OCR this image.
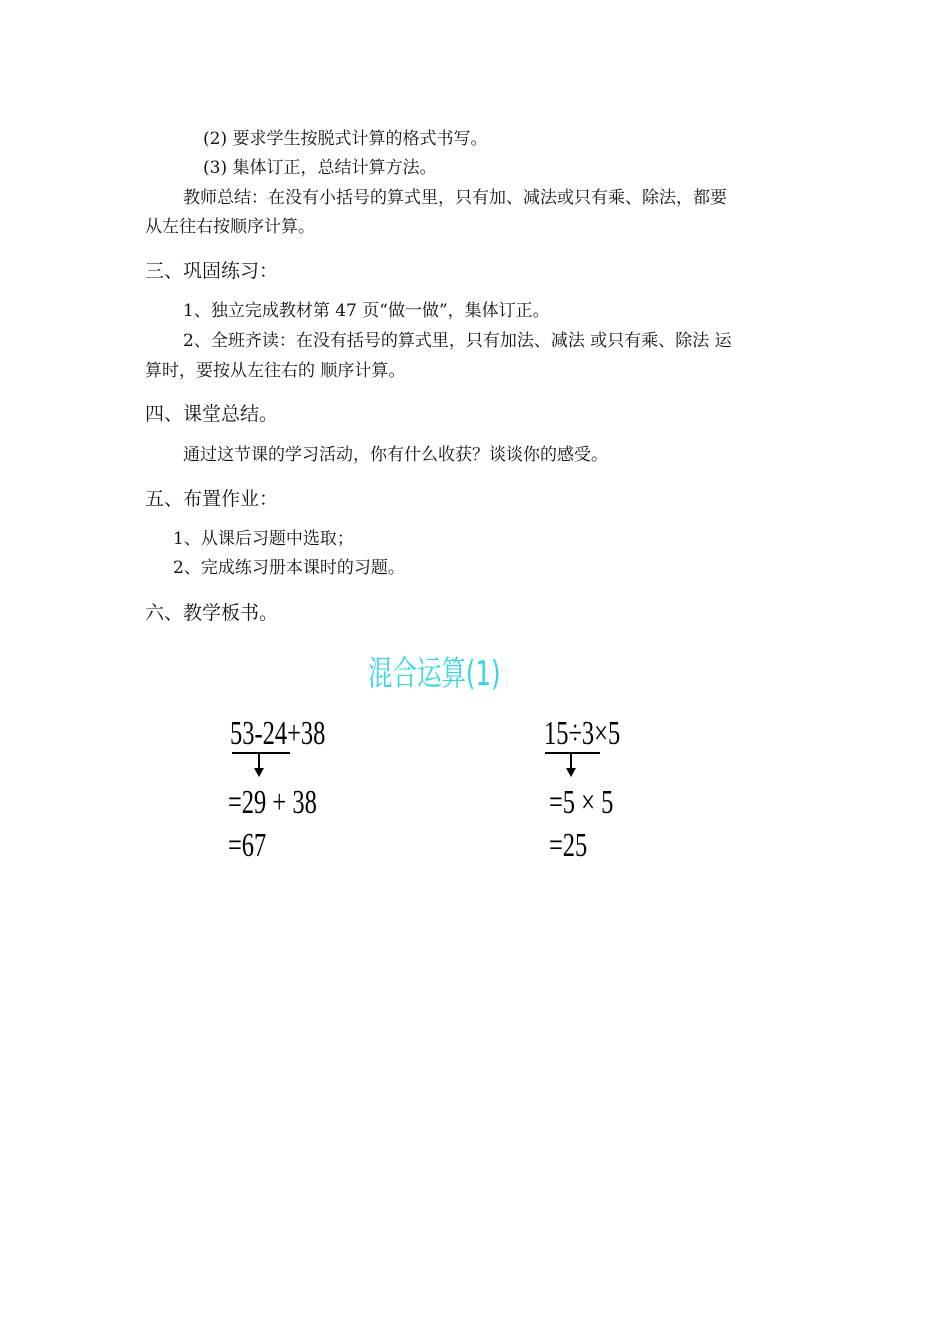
(2) 要求学生按脱式计算的格式书写。
(3) 集体订正，总结计算方法。
教师总结：在没有小括号的算式里，只有加、减法或只有乘、除法，都要
从左往右按顺序计算。
三、巩固练习：
1、独立完成教材第 47 页“做一做”，集体订正。
2、全班齐读：在没有括号的算式里，只有加法、减法 或只有乘、除法 运
算时，要按从左往右的 顺序计算。
四、课堂总结。
通过这节课的学习活动，你有什么收获？谈谈你的感受。
五、布置作业：
1、从课后习题中选取；
2、完成练习册本课时的习题。
六、教学板书。
混合运算(1)
53-24+38
=29 + 38
=67
15÷3×5
=5 × 5
=25
